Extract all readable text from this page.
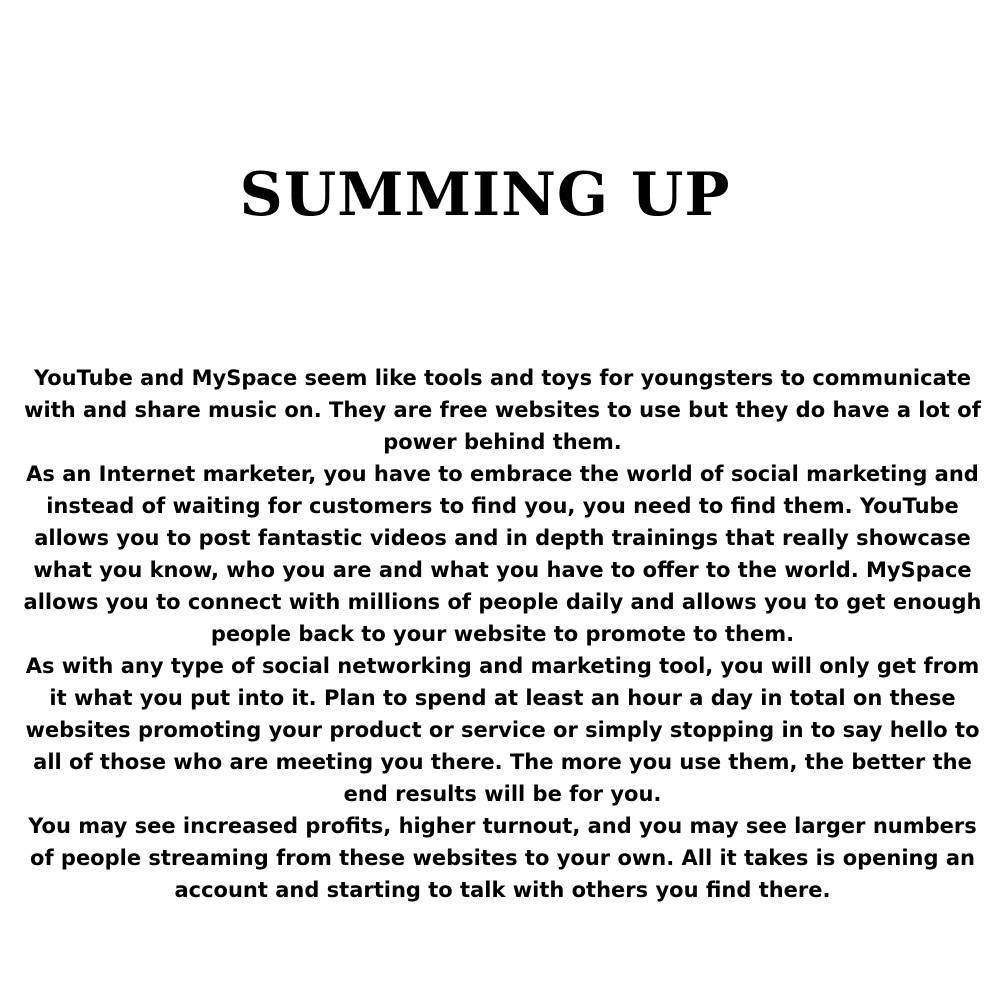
SUMMING UP

YouTube and MySpace seem like tools and toys for youngsters to communicate with and share music on. They are free websites to use but they do have a lot of power behind them.

As an Internet marketer, you have to embrace the world of social marketing and instead of waiting for customers to find you, you need to find them. YouTube allows you to post fantastic videos and in depth trainings that really showcase what you know, who you are and what you have to offer to the world. MySpace allows you to connect with millions of people daily and allows you to get enough people back to your website to promote to them.

As with any type of social networking and marketing tool, you will only get from it what you put into it. Plan to spend at least an hour a day in total on these websites promoting your product or service or simply stopping in to say hello to all of those who are meeting you there. The more you use them, the better the end results will be for you.

You may see increased profits, higher turnout, and you may see larger numbers of people streaming from these websites to your own. All it takes is opening an account and starting to talk with others you find there.
